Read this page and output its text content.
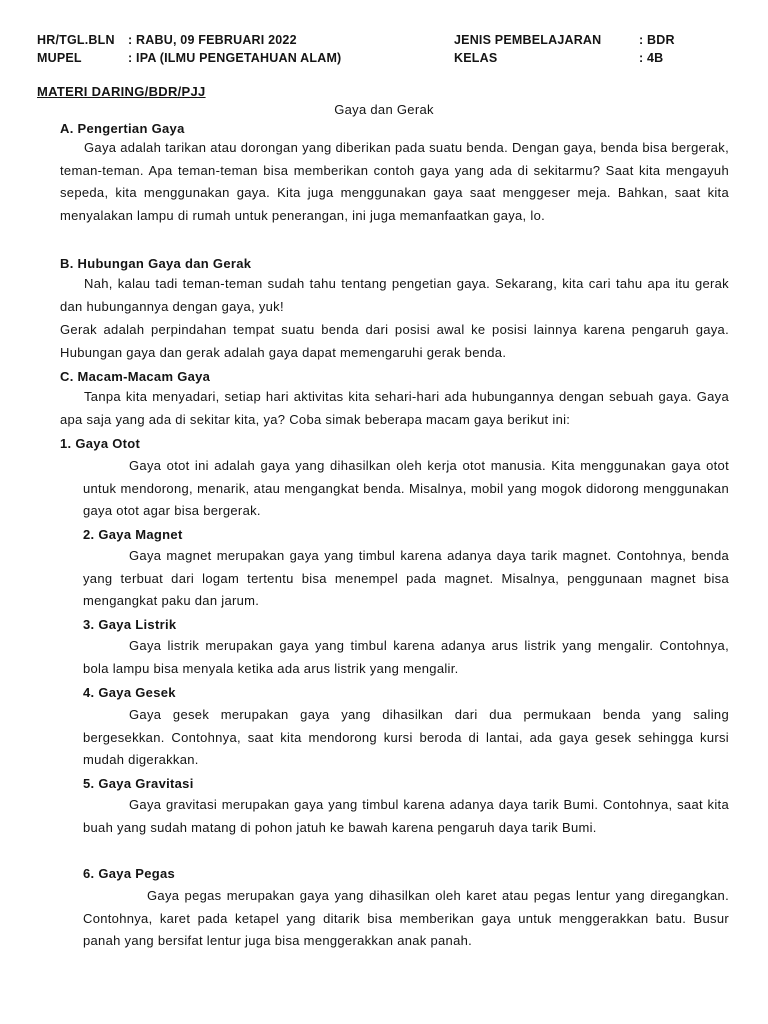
HR/TGL.BLN : RABU, 09 FEBRUARI 2022	JENIS PEMBELAJARAN	: BDR
MUPEL	: IPA (ILMU PENGETAHUAN ALAM)	KELAS	: 4B
MATERI DARING/BDR/PJJ
Gaya dan Gerak
A. Pengertian Gaya
Gaya adalah tarikan atau dorongan yang diberikan pada suatu benda. Dengan gaya, benda bisa bergerak, teman-teman. Apa teman-teman bisa memberikan contoh gaya yang ada di sekitarmu? Saat kita mengayuh sepeda, kita menggunakan gaya. Kita juga menggunakan gaya saat menggeser meja. Bahkan, saat kita menyalakan lampu di rumah untuk penerangan, ini juga memanfaatkan gaya, lo.
B. Hubungan Gaya dan Gerak
Nah, kalau tadi teman-teman sudah tahu tentang pengetian gaya. Sekarang, kita cari tahu apa itu gerak dan hubungannya dengan gaya, yuk!
Gerak adalah perpindahan tempat suatu benda dari posisi awal ke posisi lainnya karena pengaruh gaya. Hubungan gaya dan gerak adalah gaya dapat memengaruhi gerak benda.
C. Macam-Macam Gaya
Tanpa kita menyadari, setiap hari aktivitas kita sehari-hari ada hubungannya dengan sebuah gaya. Gaya apa saja yang ada di sekitar kita, ya? Coba simak beberapa macam gaya berikut ini:
1. Gaya Otot
Gaya otot ini adalah gaya yang dihasilkan oleh kerja otot manusia. Kita menggunakan gaya otot untuk mendorong, menarik, atau mengangkat benda. Misalnya, mobil yang mogok didorong menggunakan gaya otot agar bisa bergerak.
2. Gaya Magnet
Gaya magnet merupakan gaya yang timbul karena adanya daya tarik magnet. Contohnya, benda yang terbuat dari logam tertentu bisa menempel pada magnet. Misalnya, penggunaan magnet bisa mengangkat paku dan jarum.
3. Gaya Listrik
Gaya listrik merupakan gaya yang timbul karena adanya arus listrik yang mengalir. Contohnya, bola lampu bisa menyala ketika ada arus listrik yang mengalir.
4. Gaya Gesek
Gaya gesek merupakan gaya yang dihasilkan dari dua permukaan benda yang saling bergesekkan. Contohnya, saat kita mendorong kursi beroda di lantai, ada gaya gesek sehingga kursi mudah digerakkan.
5. Gaya Gravitasi
Gaya gravitasi merupakan gaya yang timbul karena adanya daya tarik Bumi. Contohnya, saat kita buah yang sudah matang di pohon jatuh ke bawah karena pengaruh daya tarik Bumi.
6. Gaya Pegas
Gaya pegas merupakan gaya yang dihasilkan oleh karet atau pegas lentur yang diregangkan. Contohnya, karet pada ketapel yang ditarik bisa memberikan gaya untuk menggerakkan batu. Busur panah yang bersifat lentur juga bisa menggerakkan anak panah.
